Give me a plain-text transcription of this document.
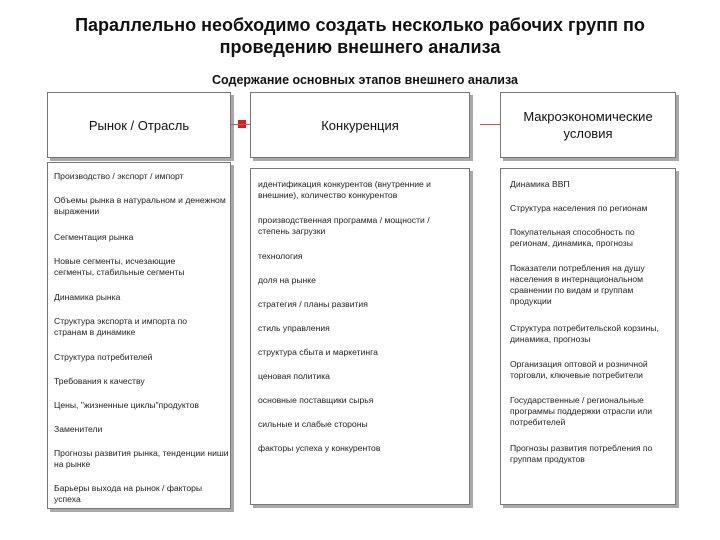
Параллельно необходимо создать несколько рабочих групп по проведению внешнего анализа
Содержание основных этапов внешнего анализа
Рынок / Отрасль	Конкуренция
Макроэкономические условия
Производство / экспорт / импорт
Объемы рынка в натуральном и денежном выражении
Сегментация рынка
Новые сегменты, исчезающие сегменты, стабильные сегменты
Динамика рынка
Структура экспорта и импорта по странам в динамике
Структура потребителей
Требования к качеству
Цены, "жизненные циклы"продуктов
Заменители
Прогнозы развития рынка, тенденции ниши на рынке
Барьеры выхода на рынок / факторы успеха
идентификация конкурентов (внутренние и внешние), количество конкурентов
производственная программа / мощности / степень загрузки
технология
доля на рынке
стратегия / планы развития
стиль управления
структура сбыта и маркетинга
ценовая политика
основные поставщики сырья
сильные и слабые стороны
факторы успеха у конкурентов
Динамика ВВП
Структура населения по регионам
Покупательная способность по регионам, динамика, прогнозы
Показатели потребления на душу населения в интернациональном сравнении по видам и группам продукции
Структура потребительской корзины, динамика, прогнозы
Организация оптовой и розничной торговли, ключевые потребители
Государственные / региональные программы поддержки отрасли или потребителей
Прогнозы развития потребления по группам продуктов
